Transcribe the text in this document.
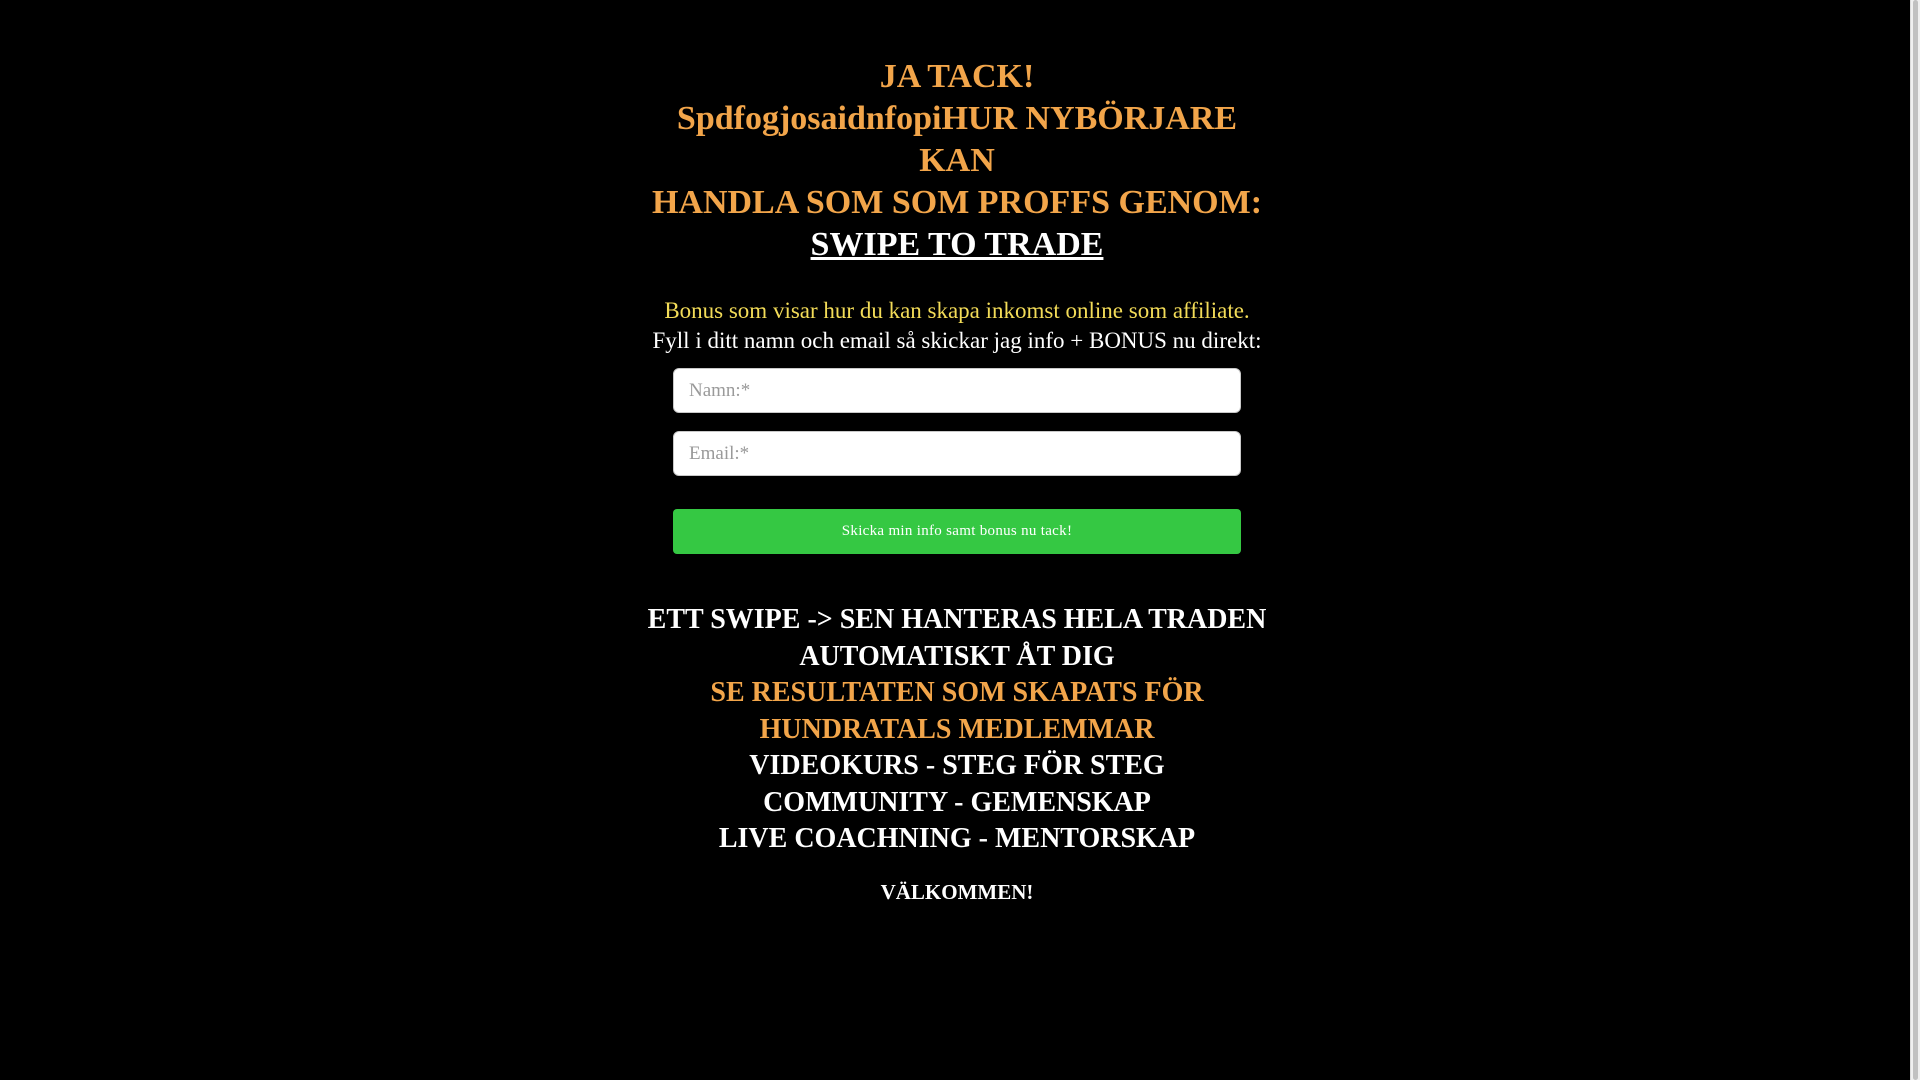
JA TACK!
SpdfogjosaidnfopiHUR NYBÖRJARE KAN
HANDLA SOM SOM PROFFS GENOM:
SWIPE TO TRADE

Bonus som visar hur du kan skapa inkomst online som affiliate.

Fyll i ditt namn och email så skickar jag info + BONUS nu direkt:

Namn:*
Email:*
Skicka min info samt bonus nu tack!
ETT SWIPE -> SEN HANTERAS HELA TRADEN
AUTOMATISKT ÅT DIG
SE RESULTATEN SOM SKAPATS FÖR
HUNDRATALS MEDLEMMAR
VIDEOKURS - STEG FÖR STEG
COMMUNITY - GEMENSKAP
LIVE COACHNING - MENTORSKAP

VÄLKOMMEN!
